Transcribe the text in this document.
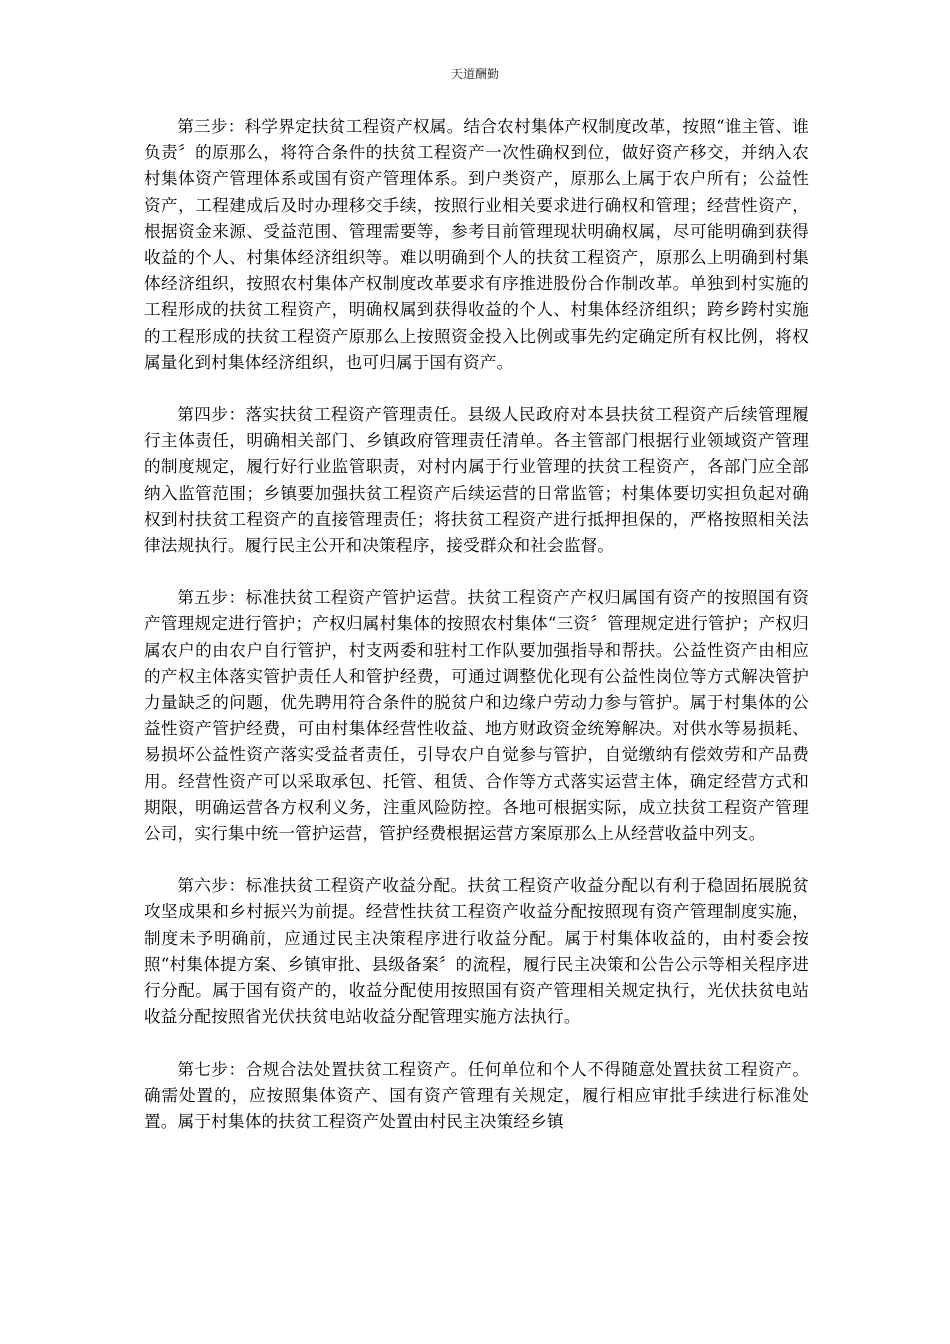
天道酬勤

第三步：科学界定扶贫工程资产权属。结合农村集体产权制度改革，按照“谁主管、谁负责〞的原那么，将符合条件的扶贫工程资产一次性确权到位，做好资产移交，并纳入农村集体资产管理体系或国有资产管理体系。到户类资产，原那么上属于农户所有；公益性资产，工程建成后及时办理移交手续，按照行业相关要求进行确权和管理；经营性资产，根据资金来源、受益范围、管理需要等，参考目前管理现状明确权属，尽可能明确到获得收益的个人、村集体经济组织等。难以明确到个人的扶贫工程资产，原那么上明确到村集体经济组织，按照农村集体产权制度改革要求有序推进股份合作制改革。单独到村实施的工程形成的扶贫工程资产，明确权属到获得收益的个人、村集体经济组织；跨乡跨村实施的工程形成的扶贫工程资产原那么上按照资金投入比例或事先约定确定所有权比例，将权属量化到村集体经济组织，也可归属于国有资产。

第四步：落实扶贫工程资产管理责任。县级人民政府对本县扶贫工程资产后续管理履行主体责任，明确相关部门、乡镇政府管理责任清单。各主管部门根据行业领域资产管理的制度规定，履行好行业监管职责，对村内属于行业管理的扶贫工程资产，各部门应全部纳入监管范围；乡镇要加强扶贫工程资产后续运营的日常监管；村集体要切实担负起对确权到村扶贫工程资产的直接管理责任；将扶贫工程资产进行抵押担保的，严格按照相关法律法规执行。履行民主公开和决策程序，接受群众和社会监督。

第五步：标准扶贫工程资产管护运营。扶贫工程资产产权归属国有资产的按照国有资产管理规定进行管护；产权归属村集体的按照农村集体“三资〞管理规定进行管护；产权归属农户的由农户自行管护，村支两委和驻村工作队要加强指导和帮扶。公益性资产由相应的产权主体落实管护责任人和管护经费，可通过调整优化现有公益性岗位等方式解决管护力量缺乏的问题，优先聘用符合条件的脱贫户和边缘户劳动力参与管护。属于村集体的公益性资产管护经费，可由村集体经营性收益、地方财政资金统筹解决。对供水等易损耗、易损坏公益性资产落实受益者责任，引导农户自觉参与管护，自觉缴纳有偿效劳和产品费用。经营性资产可以采取承包、托管、租赁、合作等方式落实运营主体，确定经营方式和期限，明确运营各方权利义务，注重风险防控。各地可根据实际，成立扶贫工程资产管理公司，实行集中统一管护运营，管护经费根据运营方案原那么上从经营收益中列支。

第六步：标准扶贫工程资产收益分配。扶贫工程资产收益分配以有利于稳固拓展脱贫攻坚成果和乡村振兴为前提。经营性扶贫工程资产收益分配按照现有资产管理制度实施，制度未予明确前，应通过民主决策程序进行收益分配。属于村集体收益的，由村委会按照“村集体提方案、乡镇审批、县级备案〞的流程，履行民主决策和公告公示等相关程序进行分配。属于国有资产的，收益分配使用按照国有资产管理相关规定执行，光伏扶贫电站收益分配按照省光伏扶贫电站收益分配管理实施方法执行。

第七步：合规合法处置扶贫工程资产。任何单位和个人不得随意处置扶贫工程资产。确需处置的，应按照集体资产、国有资产管理有关规定，履行相应审批手续进行标准处置。属于村集体的扶贫工程资产处置由村民主决策经乡镇
